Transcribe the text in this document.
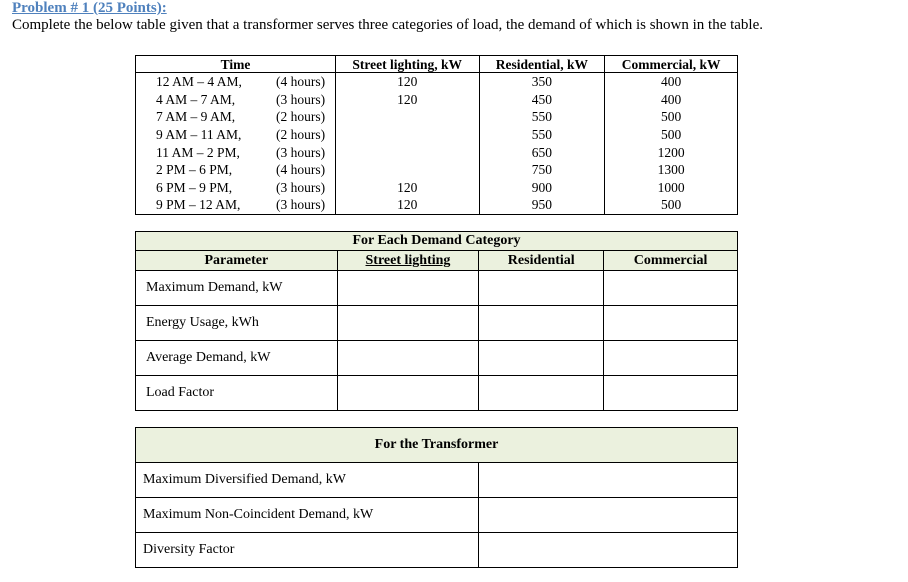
Problem # 1 (25 Points):
Complete the below table given that a transformer serves three categories of load, the demand of which is shown in the table.
Time	Street lighting, kW	Residential, kW	Commercial, kW
12 AM – 4 AM, (4 hours)	120	350	400
4 AM – 7 AM, (3 hours)	120	450	400
7 AM – 9 AM, (2 hours)		550	500
9 AM – 11 AM, (2 hours)		550	500
11 AM – 2 PM, (3 hours)		650	1200
2 PM – 6 PM, (4 hours)		750	1300
6 PM – 9 PM, (3 hours)	120	900	1000
9 PM – 12 AM, (3 hours)	120	950	500
For Each Demand Category			
Parameter	Street lighting	Residential	Commercial
Maximum Demand, kW			
Energy Usage, kWh			
Average Demand, kW			
Load Factor			
For the Transformer	
Maximum Diversified Demand, kW	
Maximum Non-Coincident Demand, kW	
Diversity Factor	
